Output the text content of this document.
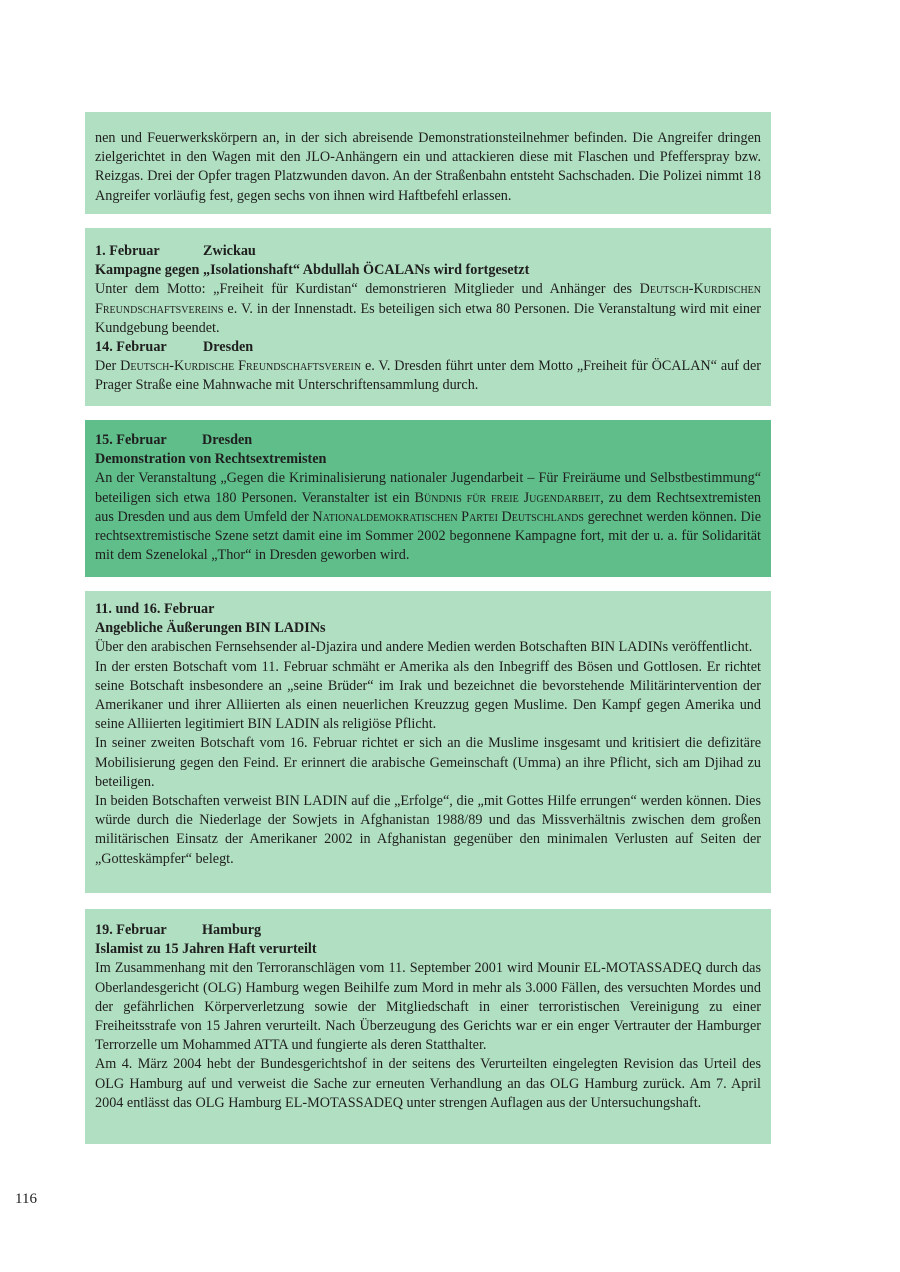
nen und Feuerwerkskörpern an, in der sich abreisende Demonstrationsteilnehmer befinden. Die Angreifer dringen zielgerichtet in den Wagen mit den JLO-Anhängern ein und attackieren diese mit Flaschen und Pfefferspray bzw. Reizgas. Drei der Opfer tragen Platzwunden davon. An der Straßenbahn entsteht Sachschaden. Die Polizei nimmt 18 Angreifer vorläufig fest, gegen sechs von ihnen wird Haftbefehl erlassen.

1. Februar	Zwickau

Kampagne gegen „Isolationshaft“ Abdullah ÖCALANs wird fortgesetzt

Unter dem Motto: „Freiheit für Kurdistan“ demonstrieren Mitglieder und Anhänger des Deutsch-Kurdischen Freundschaftsvereins e. V. in der Innenstadt. Es beteiligen sich etwa 80 Personen. Die Veranstaltung wird mit einer Kundgebung beendet.

14. Februar	Dresden

Der Deutsch-Kurdische Freundschaftsverein e. V. Dresden führt unter dem Motto „Freiheit für ÖCALAN“ auf der Prager Straße eine Mahnwache mit Unterschriftensammlung durch.

15. Februar Dresden

Demonstration von Rechtsextremisten

An der Veranstaltung „Gegen die Kriminalisierung nationaler Jugendarbeit – Für Freiräume und Selbstbestimmung“ beteiligen sich etwa 180 Personen. Veranstalter ist ein Bündnis für freie Jugendarbeit, zu dem Rechtsextremisten aus Dresden und aus dem Umfeld der Nationaldemokratischen Partei Deutschlands gerechnet werden können. Die rechtsextremistische Szene setzt damit eine im Sommer 2002 begonnene Kampagne fort, mit der u. a. für Solidarität mit dem Szenelokal „Thor“ in Dresden geworben wird.

11. und 16. Februar

Angebliche Äußerungen BIN LADINs

Über den arabischen Fernsehsender al-Djazira und andere Medien werden Botschaften BIN LADINs veröffentlicht.

In der ersten Botschaft vom 11. Februar schmäht er Amerika als den Inbegriff des Bösen und Gottlosen. Er richtet seine Botschaft insbesondere an „seine Brüder“ im Irak und bezeichnet die bevorstehende Militärintervention der Amerikaner und ihrer Alliierten als einen neuerlichen Kreuzzug gegen Muslime. Den Kampf gegen Amerika und seine Alliierten legitimiert BIN LADIN als religiöse Pflicht.

In seiner zweiten Botschaft vom 16. Februar richtet er sich an die Muslime insgesamt und kritisiert die defizitäre Mobilisierung gegen den Feind. Er erinnert die arabische Gemeinschaft (Umma) an ihre Pflicht, sich am Djihad zu beteiligen.

In beiden Botschaften verweist BIN LADIN auf die „Erfolge“, die „mit Gottes Hilfe errungen“ werden können. Dies würde durch die Niederlage der Sowjets in Afghanistan 1988/89 und das Missverhältnis zwischen dem großen militärischen Einsatz der Amerikaner 2002 in Afghanistan gegenüber den minimalen Verlusten auf Seiten der „Gotteskämpfer“ belegt.

19. Februar Hamburg

Islamist zu 15 Jahren Haft verurteilt

Im Zusammenhang mit den Terroranschlägen vom 11. September 2001 wird Mounir EL-MOTASSADEQ durch das Oberlandesgericht (OLG) Hamburg wegen Beihilfe zum Mord in mehr als 3.000 Fällen, des versuchten Mordes und der gefährlichen Körperverletzung sowie der Mitgliedschaft in einer terroristischen Vereinigung zu einer Freiheitsstrafe von 15 Jahren verurteilt. Nach Überzeugung des Gerichts war er ein enger Vertrauter der Hamburger Terrorzelle um Mohammed ATTA und fungierte als deren Statthalter.

Am 4. März 2004 hebt der Bundesgerichtshof in der seitens des Verurteilten eingelegten Revision das Urteil des OLG Hamburg auf und verweist die Sache zur erneuten Verhandlung an das OLG Hamburg zurück. Am 7. April 2004 entlässt das OLG Hamburg EL-MOTASSADEQ unter strengen Auflagen aus der Untersuchungshaft.

116
